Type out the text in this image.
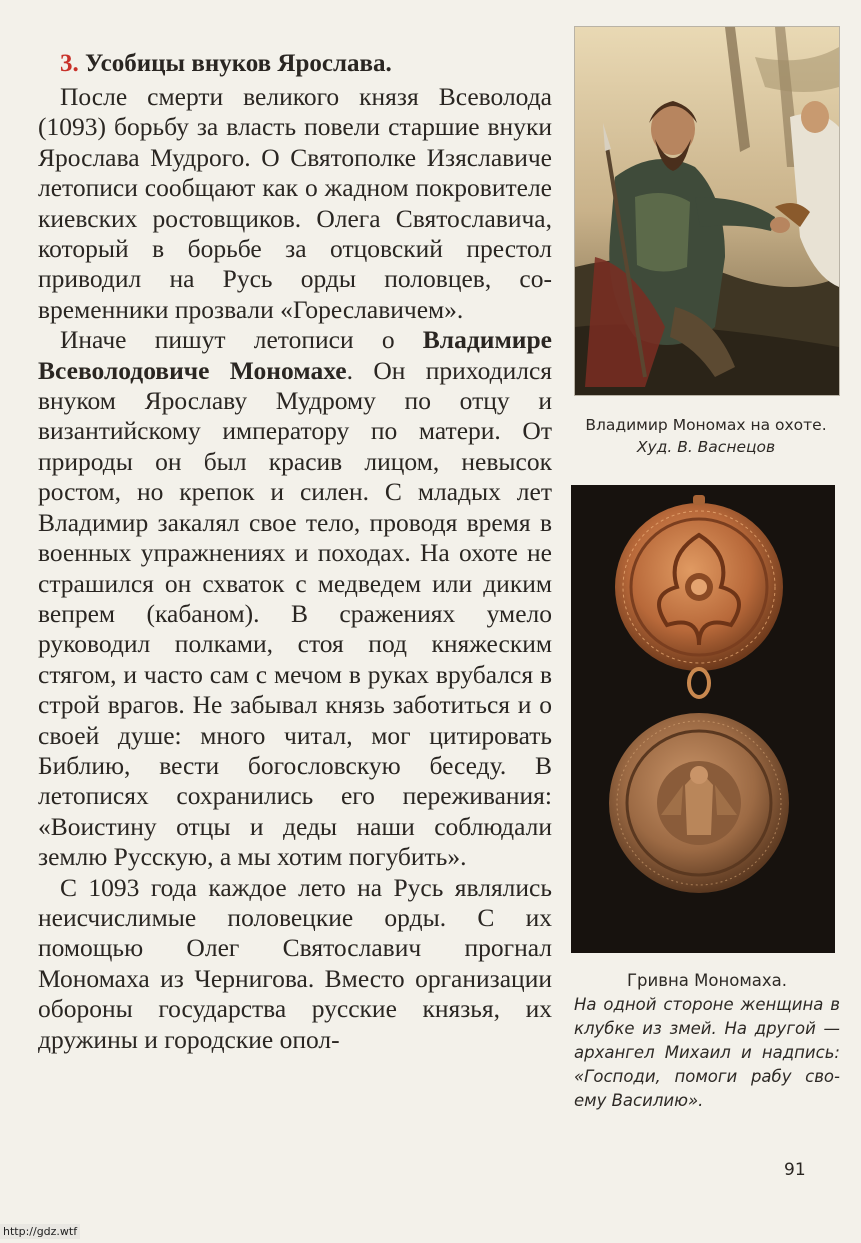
3. Усобицы внуков Ярослава.

После смерти великого князя Всеволода (1093) борьбу за власть повели старшие внуки Ярослава Мудрого. О Святополке Изяславиче летописи сообщают как о жадном покровителе киевских ростовщиков. Олега Святославича, который в борьбе за отцовский престол приводил на Русь орды половцев, современники прозвали «Гореславичем».

Иначе пишут летописи о Владимире Всеволодовиче Мономахе. Он приходился внуком Ярославу Мудрому по отцу и византийскому императору по матери. От природы он был красив лицом, невысок ростом, но крепок и силен. С младых лет Владимир закалял свое тело, проводя время в военных упражнениях и походах. На охоте не страшился он схваток с медведем или диким вепрем (кабаном). В сражениях умело руководил полками, стоя под княжеским стягом, и часто сам с мечом в руках врубался в строй врагов. Не забывал князь заботиться и о своей душе: много читал, мог цитировать Библию, вести богословскую беседу. В летописях сохранились его переживания: «Воистину отцы и деды наши соблюдали землю Русскую, а мы хотим погубить».

С 1093 года каждое лето на Русь являлись неисчислимые половецкие орды. С их помощью Олег Святославич прогнал Мономаха из Чернигова. Вместо организации обороны государства русские князья, их дружины и городские опол-

Владимир Мономах на охоте. Худ. В. Васнецов
Гривна Мономаха.
На одной стороне женщина в клубке из змей. На другой — архангел Михаил и надпись: «Господи, помоги рабу своему Василию».
91
http://gdz.wtf
